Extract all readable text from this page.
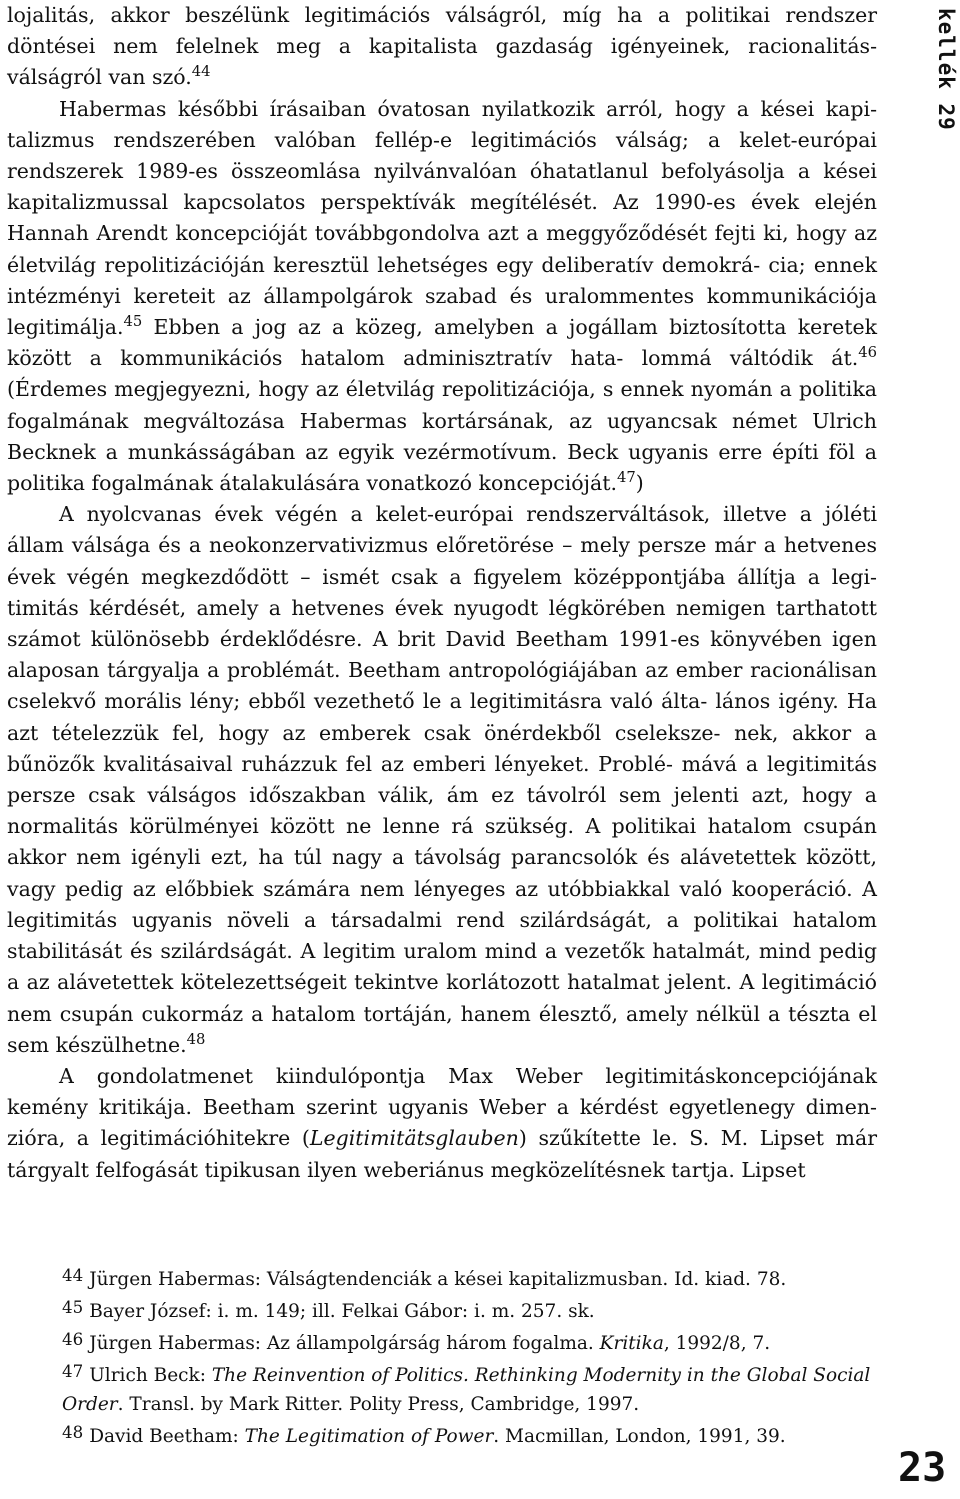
lojalitás, akkor beszélünk legitimációs válságról, míg ha a politikai rendszer döntései nem felelnek meg a kapitalista gazdaság igényeinek, racionalitás- válságról van szó.$^{44}$

Habermas későbbi írásaiban óvatosan nyilatkozik arról, hogy a kései kapi- talizmus rendszerében valóban fellép-e legitimációs válság; a kelet-európai rendszerek 1989-es összeomlása nyilvánvalóan óhatatlanul befolyásolja a kései kapitalizmussal kapcsolatos perspektívák megítélését. Az 1990-es évek elején Hannah Arendt koncepcióját továbbgondolva azt a meggyőződését fejti ki, hogy az életvilág repolitizációján keresztül lehetséges egy deliberatív demokrá- cia; ennek intézményi kereteit az állampolgárok szabad és uralommentes kommunikációja legitimálja.$^{45}$ Ebben a jog az a közeg, amelyben a jogállam biztosította keretek között a kommunikációs hatalom adminisztratív hata- lommá váltódik át.$^{46}$ (Érdemes megjegyezni, hogy az életvilág repolitizációja, s ennek nyomán a politika fogalmának megváltozása Habermas kortársának, az ugyancsak német Ulrich Becknek a munkásságában az egyik vezérmotívum. Beck ugyanis erre építi föl a politika fogalmának átalakulására vonatkozó koncepcióját.$^{47}$)

A nyolcvanas évek végén a kelet-európai rendszerváltások, illetve a jóléti állam válsága és a neokonzervativizmus előretörése – mely persze már a hetvenes évek végén megkezdődött – ismét csak a figyelem középpontjába állítja a legi- timitás kérdését, amely a hetvenes évek nyugodt légkörében nemigen tarthatott számot különösebb érdeklődésre. A brit David Beetham 1991-es könyvében igen alaposan tárgyalja a problémát. Beetham antropológiájában az ember racionálisan cselekvő morális lény; ebből vezethető le a legitimitásra való álta- lános igény. Ha azt tételezzük fel, hogy az emberek csak önérdekből cseleksze- nek, akkor a bűnözők kvalitásaival ruházzuk fel az emberi lényeket. Problé- mává a legitimitás persze csak válságos időszakban válik, ám ez távolról sem jelenti azt, hogy a normalitás körülményei között ne lenne rá szükség. A politikai hatalom csupán akkor nem igényli ezt, ha túl nagy a távolság parancsolók és alávetettek között, vagy pedig az előbbiek számára nem lényeges az utóbbiakkal való kooperáció. A legitimitás ugyanis növeli a társadalmi rend szilárdságát, a politikai hatalom stabilitását és szilárdságát. A legitim uralom mind a vezetők hatalmát, mind pedig a az alávetettek kötelezettségeit tekintve korlátozott hatalmat jelent. A legitimáció nem csupán cukormáz a hatalom tortáján, hanem élesztő, amely nélkül a tészta el sem készülhetne.$^{48}$

A gondolatmenet kiindulópontja Max Weber legitimitáskoncepciójának kemény kritikája. Beetham szerint ugyanis Weber a kérdést egyetlenegy dimen- zióra, a legitimációhitekre (Legitimitätsglauben) szűkítette le. S. M. Lipset már tárgyalt felfogását tipikusan ilyen weberiánus megközelítésnek tartja. Lipset

44 Jürgen Habermas: Válságtendenciák a kései kapitalizmusban. Id. kiad. 78.
45 Bayer József: i. m. 149; ill. Felkai Gábor: i. m. 257. sk.
46 Jürgen Habermas: Az állampolgárság három fogalma. Kritika, 1992/8, 7.
47 Ulrich Beck: The Reinvention of Politics. Rethinking Modernity in the Global Social Order. Transl. by Mark Ritter. Polity Press, Cambridge, 1997.
48 David Beetham: The Legitimation of Power. Macmillan, London, 1991, 39.
kellék 29
23
